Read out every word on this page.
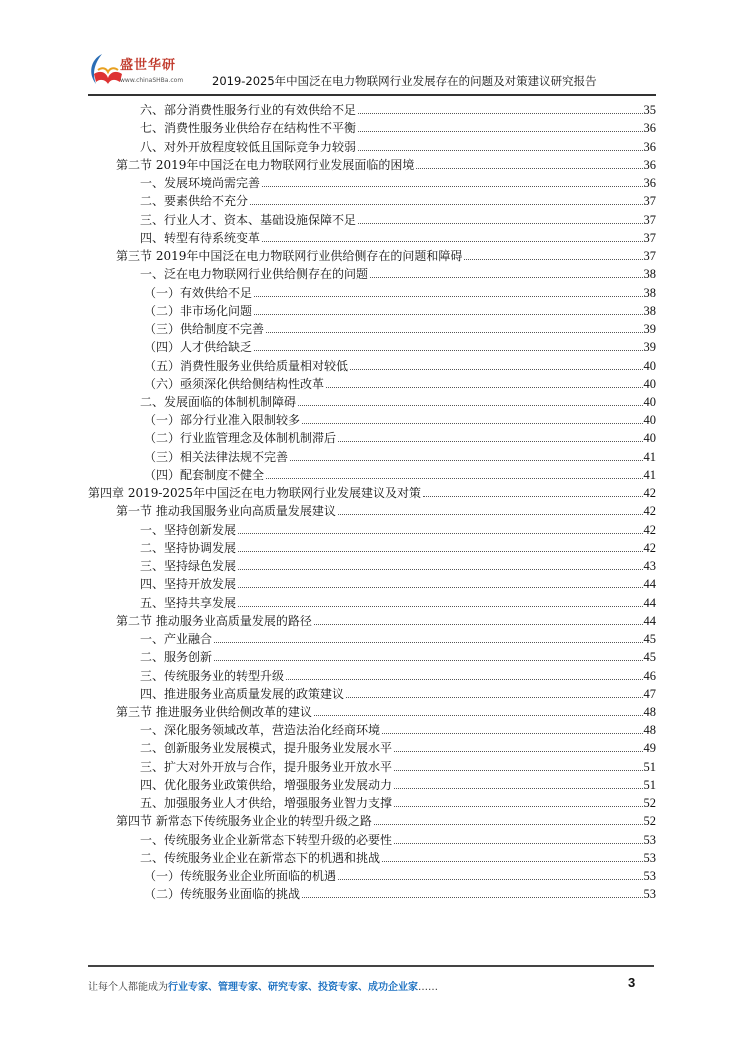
盛世华研
www.chinaSHBa.com	2019-2025年中国泛在电力物联网行业发展存在的问题及对策建议研究报告
六、部分消费性服务行业的有效供给不足	35
七、消费性服务业供给存在结构性不平衡	36
八、对外开放程度较低且国际竞争力较弱	36
第二节 2019年中国泛在电力物联网行业发展面临的困境	36
一、发展环境尚需完善	36
二、要素供给不充分	37
三、行业人才、资本、基础设施保障不足	37
四、转型有待系统变革	37
第三节 2019年中国泛在电力物联网行业供给侧存在的问题和障碍	37
一、泛在电力物联网行业供给侧存在的问题	38
（一）有效供给不足	38
（二）非市场化问题	38
（三）供给制度不完善	39
（四）人才供给缺乏	39
（五）消费性服务业供给质量相对较低	40
（六）亟须深化供给侧结构性改革	40
二、发展面临的体制机制障碍	40
（一）部分行业准入限制较多	40
（二）行业监管理念及体制机制滞后	40
（三）相关法律法规不完善	41
（四）配套制度不健全	41
第四章 2019-2025年中国泛在电力物联网行业发展建议及对策	42
第一节 推动我国服务业向高质量发展建议	42
一、坚持创新发展	42
二、坚持协调发展	42
三、坚持绿色发展	43
四、坚持开放发展	44
五、坚持共享发展	44
第二节 推动服务业高质量发展的路径	44
一、产业融合	45
二、服务创新	45
三、传统服务业的转型升级	46
四、推进服务业高质量发展的政策建议	47
第三节 推进服务业供给侧改革的建议	48
一、深化服务领域改革，营造法治化经商环境	48
二、创新服务业发展模式，提升服务业发展水平	49
三、扩大对外开放与合作，提升服务业开放水平	51
四、优化服务业政策供给，增强服务业发展动力	51
五、加强服务业人才供给，增强服务业智力支撑	52
第四节 新常态下传统服务业企业的转型升级之路	52
一、传统服务业企业新常态下转型升级的必要性	53
二、传统服务业企业在新常态下的机遇和挑战	53
（一）传统服务业企业所面临的机遇	53
（二）传统服务业面临的挑战	53
让每个人都能成为行业专家、管理专家、研究专家、投资专家、成功企业家……	3
